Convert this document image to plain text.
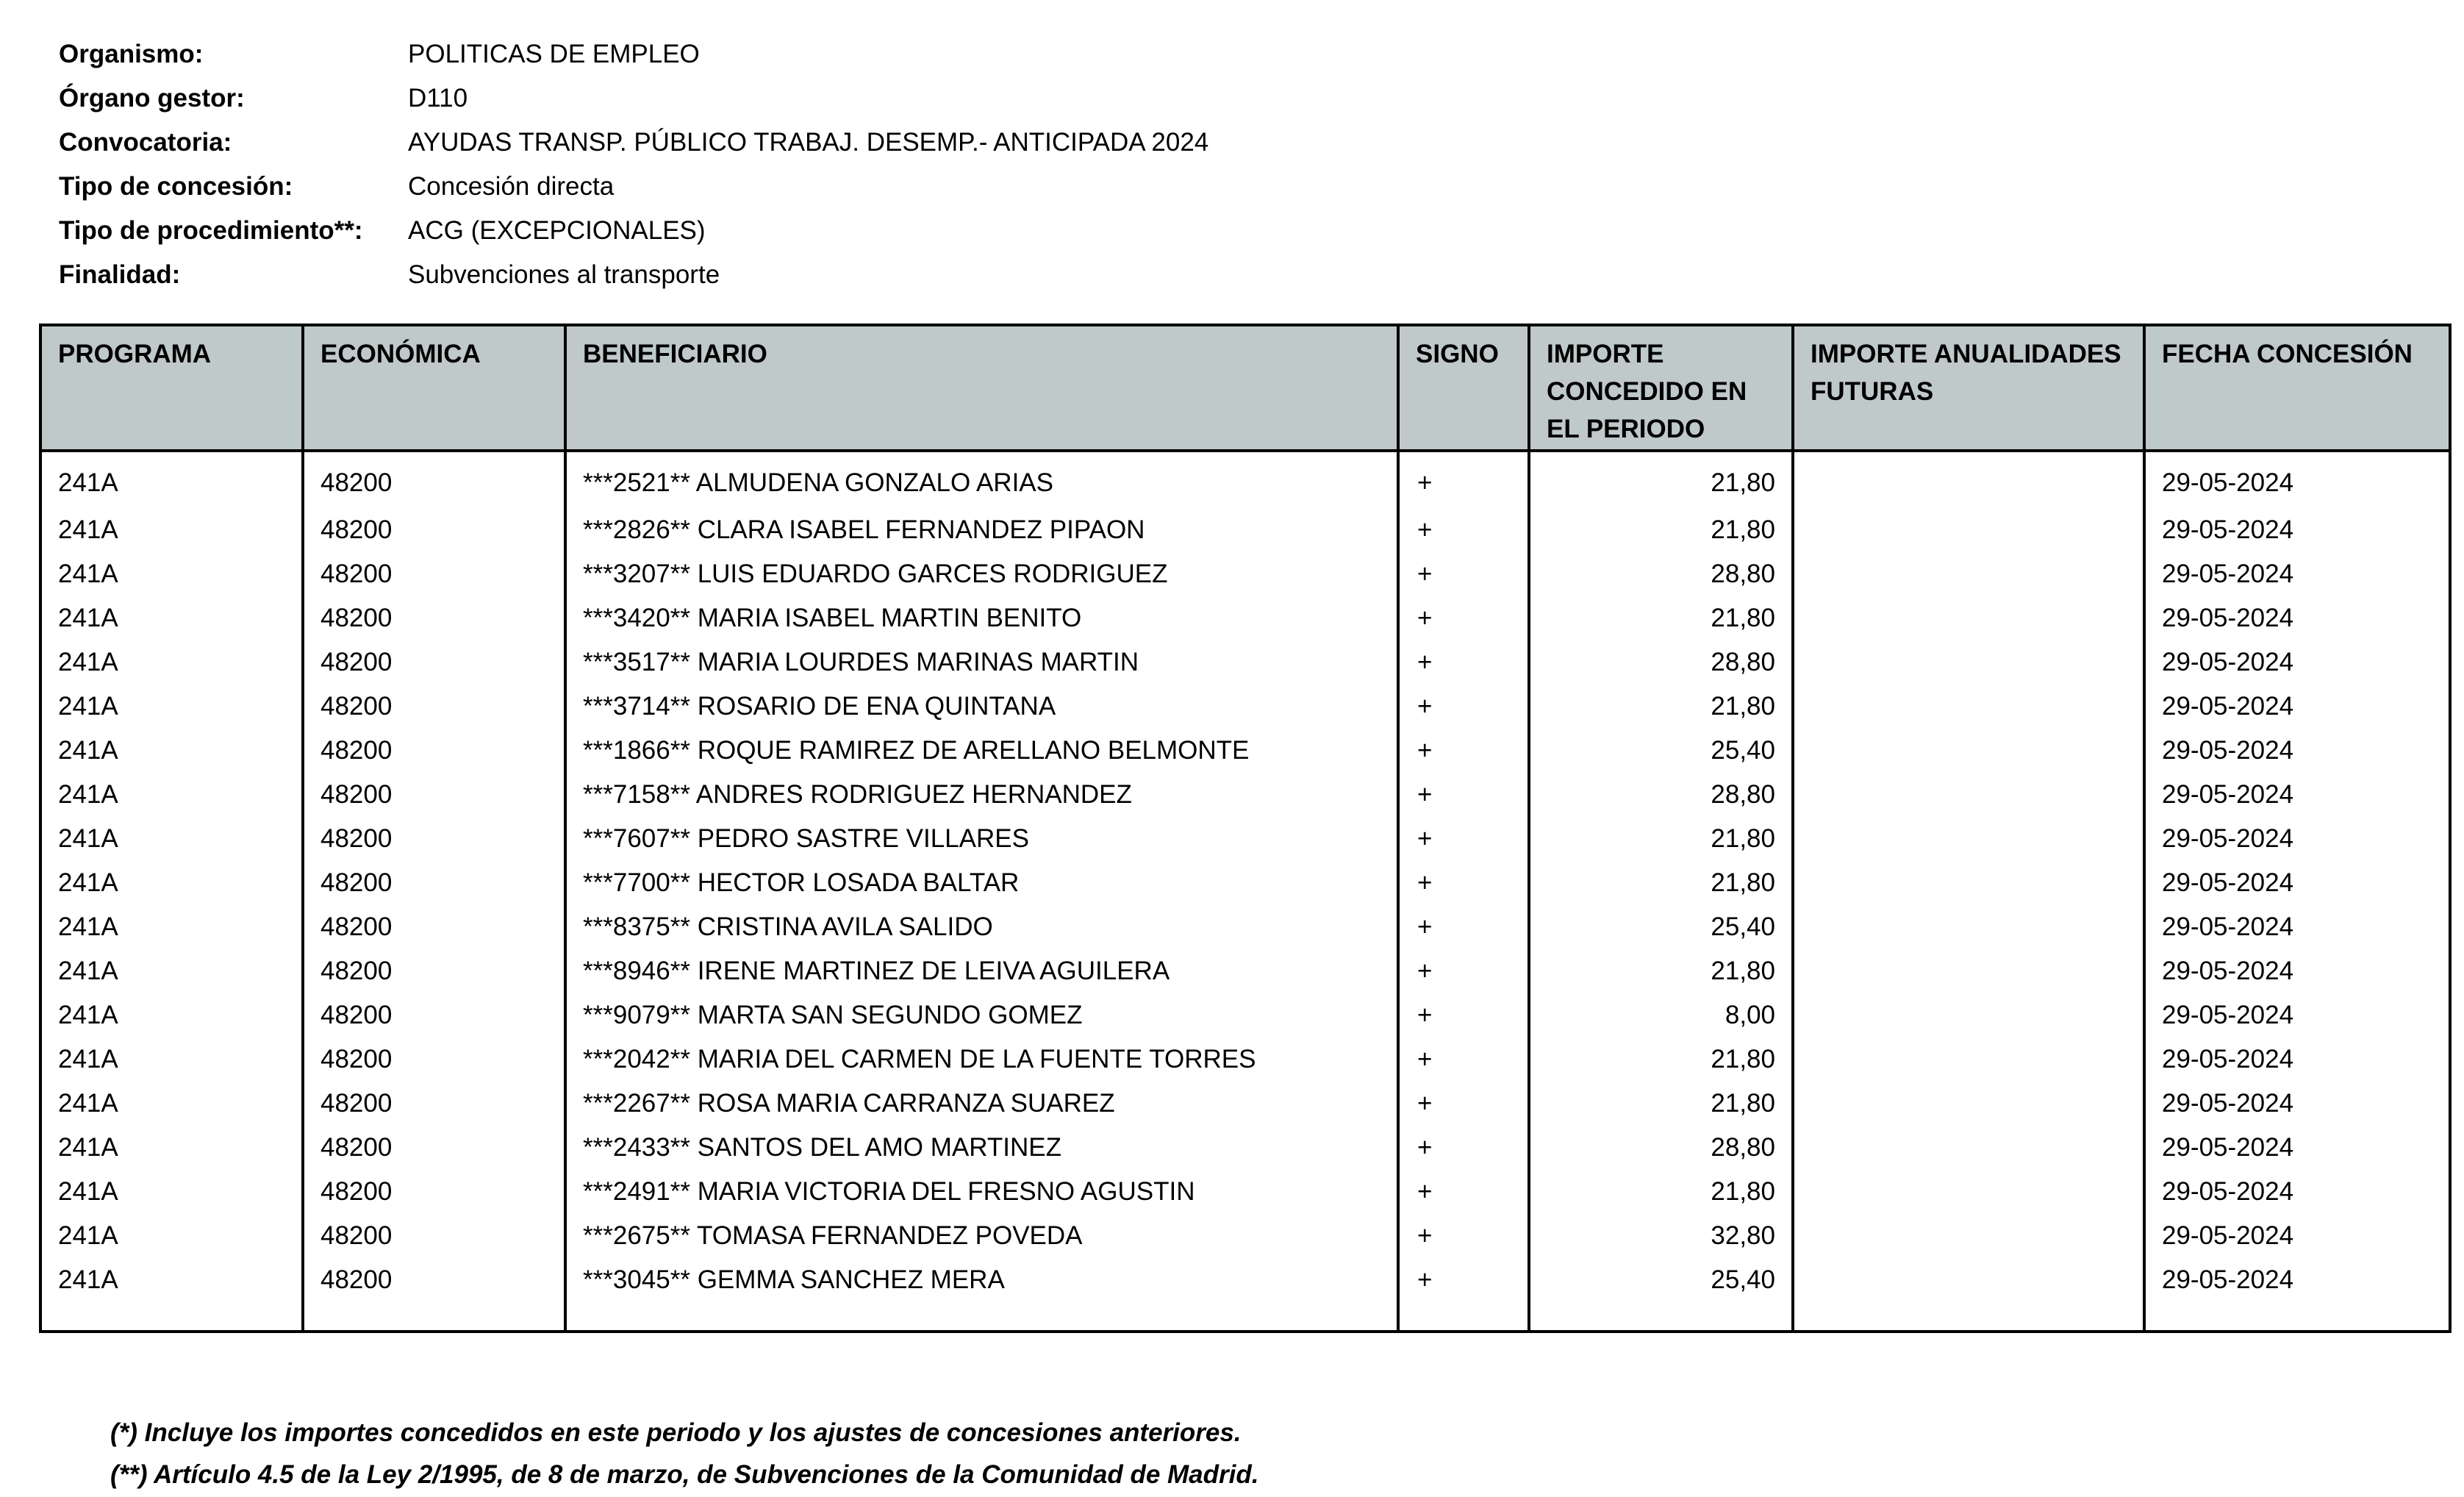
Organismo:	POLITICAS DE EMPLEO
Órgano gestor:	D110
Convocatoria:	AYUDAS TRANSP. PÚBLICO TRABAJ. DESEMP.- ANTICIPADA 2024
Tipo de concesión:	Concesión directa
Tipo de procedimiento**:	ACG (EXCEPCIONALES)
Finalidad:	Subvenciones al transporte
PROGRAMA	ECONÓMICA	BENEFICIARIO	SIGNO	IMPORTE CONCEDIDO EN EL PERIODO	IMPORTE ANUALIDADES FUTURAS	FECHA CONCESIÓN
241A	48200	***2521** ALMUDENA GONZALO ARIAS	+	21,80		29-05-2024
241A	48200	***2826** CLARA ISABEL FERNANDEZ PIPAON	+	21,80		29-05-2024
241A	48200	***3207** LUIS EDUARDO GARCES RODRIGUEZ	+	28,80		29-05-2024
241A	48200	***3420** MARIA ISABEL MARTIN BENITO	+	21,80		29-05-2024
241A	48200	***3517** MARIA LOURDES MARINAS MARTIN	+	28,80		29-05-2024
241A	48200	***3714** ROSARIO DE ENA QUINTANA	+	21,80		29-05-2024
241A	48200	***1866** ROQUE RAMIREZ DE ARELLANO BELMONTE	+	25,40		29-05-2024
241A	48200	***7158** ANDRES RODRIGUEZ HERNANDEZ	+	28,80		29-05-2024
241A	48200	***7607** PEDRO SASTRE VILLARES	+	21,80		29-05-2024
241A	48200	***7700** HECTOR LOSADA BALTAR	+	21,80		29-05-2024
241A	48200	***8375** CRISTINA AVILA SALIDO	+	25,40		29-05-2024
241A	48200	***8946** IRENE MARTINEZ DE LEIVA AGUILERA	+	21,80		29-05-2024
241A	48200	***9079** MARTA SAN SEGUNDO GOMEZ	+	8,00		29-05-2024
241A	48200	***2042** MARIA DEL CARMEN DE LA FUENTE TORRES	+	21,80		29-05-2024
241A	48200	***2267** ROSA MARIA CARRANZA SUAREZ	+	21,80		29-05-2024
241A	48200	***2433** SANTOS DEL AMO MARTINEZ	+	28,80		29-05-2024
241A	48200	***2491** MARIA VICTORIA DEL FRESNO AGUSTIN	+	21,80		29-05-2024
241A	48200	***2675** TOMASA FERNANDEZ POVEDA	+	32,80		29-05-2024
241A	48200	***3045** GEMMA SANCHEZ MERA	+	25,40		29-05-2024

(*) Incluye los importes concedidos en este periodo y los ajustes de concesiones anteriores.
(**) Artículo 4.5 de la Ley 2/1995, de 8 de marzo, de Subvenciones de la Comunidad de Madrid.
